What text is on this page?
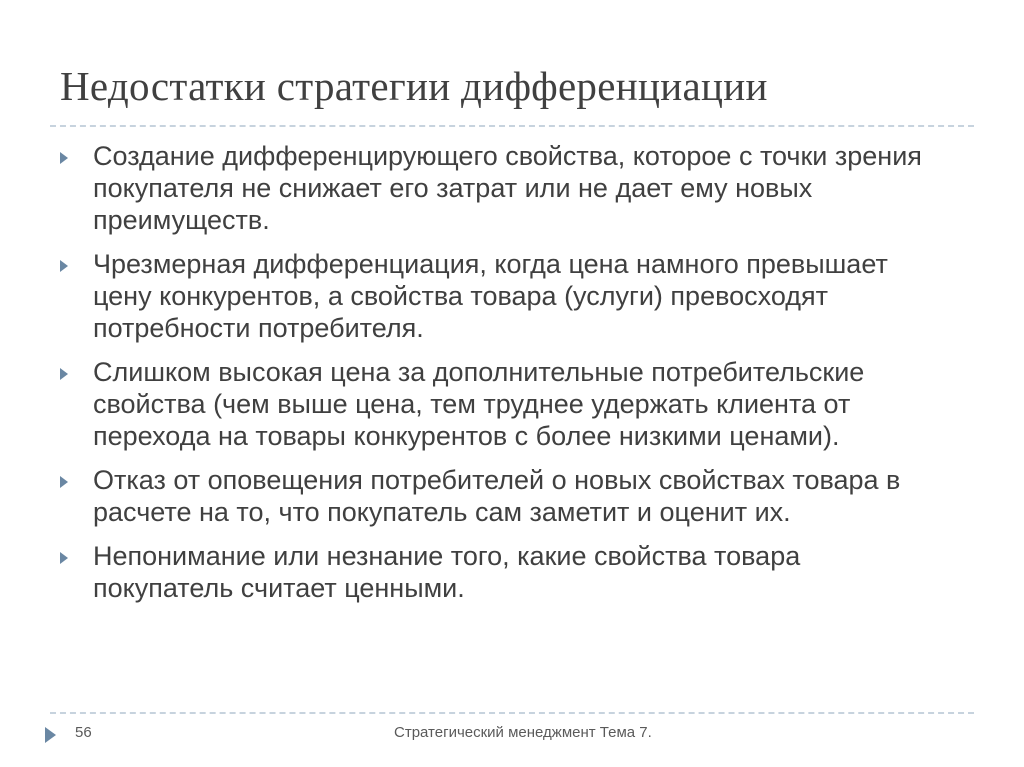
Недостатки стратегии дифференциации
Создание дифференцирующего свойства, которое с точки зрения покупателя не снижает его затрат или не дает ему новых преимуществ.
Чрезмерная дифференциация, когда цена намного превышает цену конкурентов, а свойства товара (услуги) превосходят потребности потребителя.
Слишком высокая цена за дополнительные потребительские свойства (чем выше цена, тем труднее удержать клиента от перехода на товары конкурентов с более низкими ценами).
Отказ от оповещения потребителей о новых свойствах товара в расчете на то, что покупатель сам заметит и оценит их.
Непонимание или незнание того, какие свойства товара покупатель считает ценными.
56	Стратегический менеджмент Тема 7.
